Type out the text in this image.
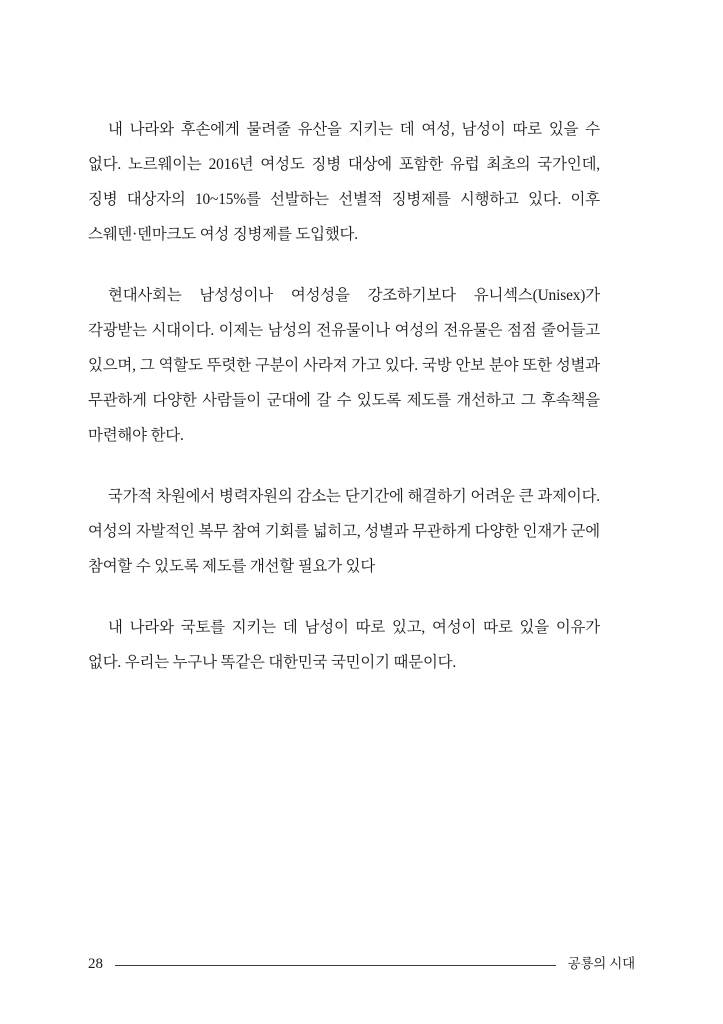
내 나라와 후손에게 물려줄 유산을 지키는 데 여성, 남성이 따로 있을 수 없다. 노르웨이는 2016년 여성도 징병 대상에 포함한 유럽 최초의 국가인데, 징병 대상자의 10~15%를 선발하는 선별적 징병제를 시행하고 있다. 이후 스웨덴·덴마크도 여성 징병제를 도입했다.

현대사회는 남성성이나 여성성을 강조하기보다 유니섹스(Unisex)가 각광받는 시대이다. 이제는 남성의 전유물이나 여성의 전유물은 점점 줄어들고 있으며, 그 역할도 뚜렷한 구분이 사라져 가고 있다. 국방 안보 분야 또한 성별과 무관하게 다양한 사람들이 군대에 갈 수 있도록 제도를 개선하고 그 후속책을 마련해야 한다.

국가적 차원에서 병력자원의 감소는 단기간에 해결하기 어려운 큰 과제이다. 여성의 자발적인 복무 참여 기회를 넓히고, 성별과 무관하게 다양한 인재가 군에 참여할 수 있도록 제도를 개선할 필요가 있다

내 나라와 국토를 지키는 데 남성이 따로 있고, 여성이 따로 있을 이유가 없다. 우리는 누구나 똑같은 대한민국 국민이기 때문이다.

28	공룡의 시대
